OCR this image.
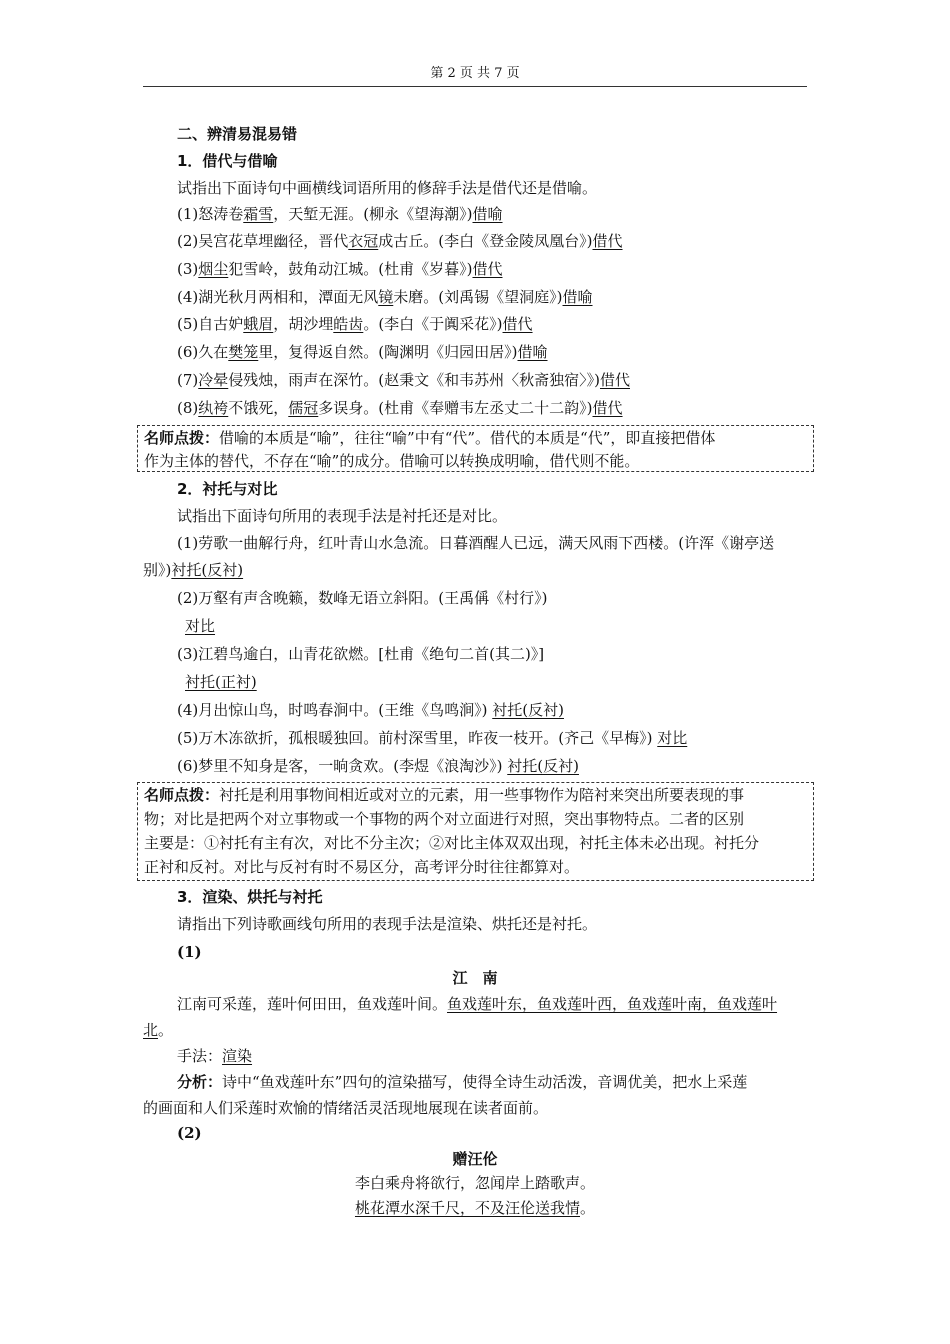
第 2 页 共 7 页
二、辨清易混易错
1．借代与借喻
试指出下面诗句中画横线词语所用的修辞手法是借代还是借喻。
(1)怒涛卷霜雪，天堑无涯。(柳永《望海潮》)借喻
(2)吴宫花草埋幽径，晋代衣冠成古丘。(李白《登金陵凤凰台》)借代
(3)烟尘犯雪岭，鼓角动江城。(杜甫《岁暮》)借代
(4)湖光秋月两相和，潭面无风镜未磨。(刘禹锡《望洞庭》)借喻
(5)自古妒蛾眉，胡沙埋皓齿。(李白《于阗采花》)借代
(6)久在樊笼里，复得返自然。(陶渊明《归园田居》)借喻
(7)冷晕侵残烛，雨声在深竹。(赵秉文《和韦苏州〈秋斋独宿〉》)借代
(8)纨袴不饿死，儒冠多误身。(杜甫《奉赠韦左丞丈二十二韵》)借代
名师点拨：借喻的本质是“喻”，往往“喻”中有“代”。借代的本质是“代”，即直接把借体
作为主体的替代，不存在“喻”的成分。借喻可以转换成明喻，借代则不能。
2．衬托与对比
试指出下面诗句所用的表现手法是衬托还是对比。
(1)劳歌一曲解行舟，红叶青山水急流。日暮酒醒人已远，满天风雨下西楼。(许浑《谢亭送
别》)衬托(反衬)
(2)万壑有声含晚籁，数峰无语立斜阳。(王禹偁《村行》)
对比
(3)江碧鸟逾白，山青花欲燃。[杜甫《绝句二首(其二)》]
衬托(正衬)
(4)月出惊山鸟，时鸣春涧中。(王维《鸟鸣涧》) 衬托(反衬)
(5)万木冻欲折，孤根暖独回。前村深雪里，昨夜一枝开。(齐己《早梅》) 对比
(6)梦里不知身是客，一晌贪欢。(李煜《浪淘沙》) 衬托(反衬)
名师点拨：衬托是利用事物间相近或对立的元素，用一些事物作为陪衬来突出所要表现的事
物；对比是把两个对立事物或一个事物的两个对立面进行对照，突出事物特点。二者的区别
主要是：①衬托有主有次，对比不分主次；②对比主体双双出现，衬托主体未必出现。衬托分
正衬和反衬。对比与反衬有时不易区分，高考评分时往往都算对。
3．渲染、烘托与衬托
请指出下列诗歌画线句所用的表现手法是渲染、烘托还是衬托。
(1)
江　南
江南可采莲，莲叶何田田，鱼戏莲叶间。鱼戏莲叶东，鱼戏莲叶西，鱼戏莲叶南，鱼戏莲叶
北。
手法：渲染
分析：诗中“鱼戏莲叶东”四句的渲染描写，使得全诗生动活泼，音调优美，把水上采莲
的画面和人们采莲时欢愉的情绪活灵活现地展现在读者面前。
(2)
赠汪伦
李白乘舟将欲行，忽闻岸上踏歌声。
桃花潭水深千尺，不及汪伦送我情。
